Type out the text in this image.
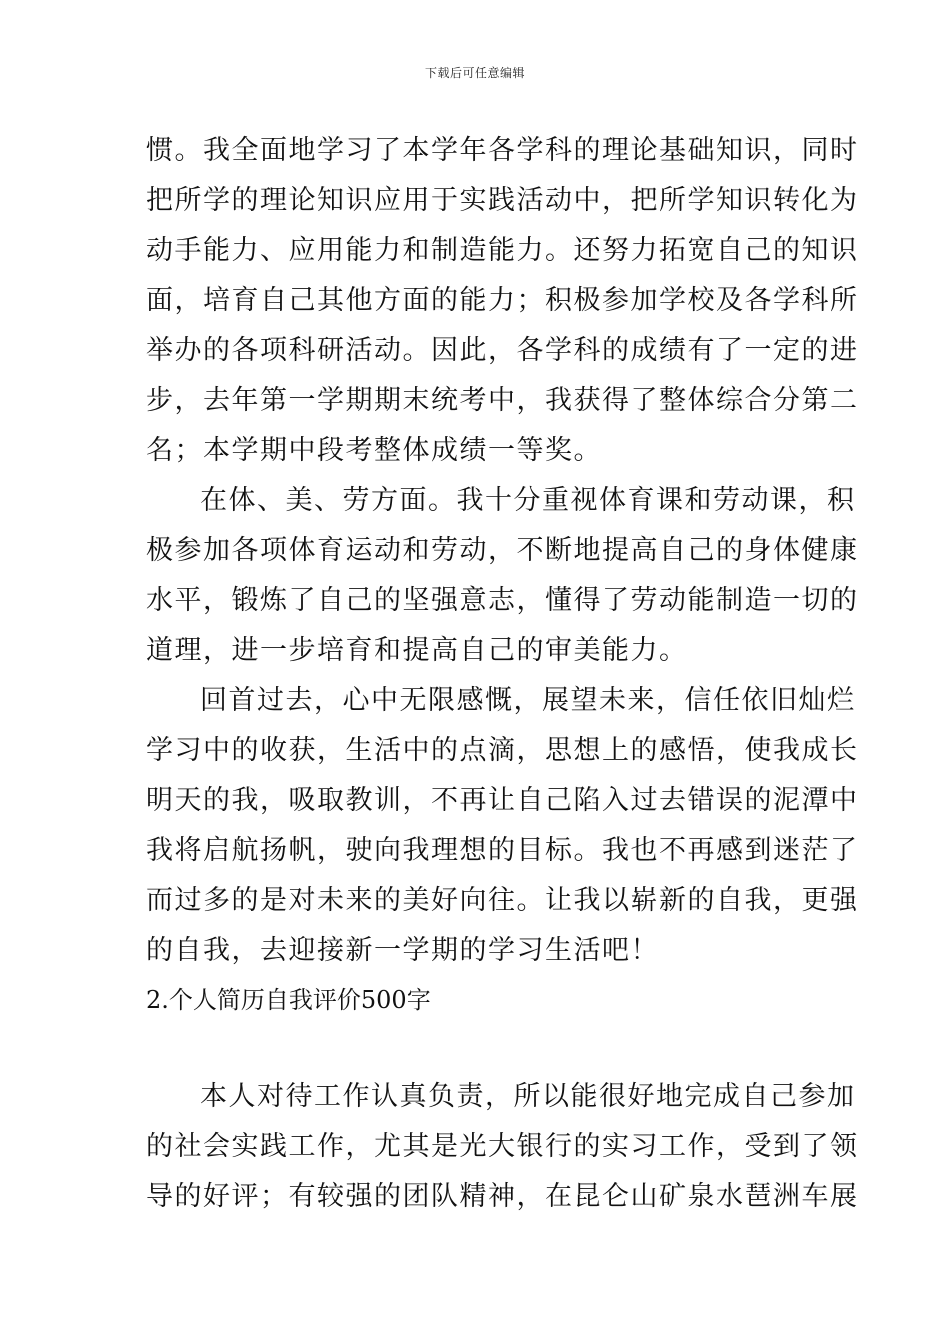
下载后可任意编辑
惯。我全面地学习了本学年各学科的理论基础知识，同时
把所学的理论知识应用于实践活动中，把所学知识转化为
动手能力、应用能力和制造能力。还努力拓宽自己的知识
面，培育自己其他方面的能力；积极参加学校及各学科所
举办的各项科研活动。因此，各学科的成绩有了一定的进
步，去年第一学期期末统考中，我获得了整体综合分第二
名；本学期中段考整体成绩一等奖。
在体、美、劳方面。我十分重视体育课和劳动课，积
极参加各项体育运动和劳动，不断地提高自己的身体健康
水平，锻炼了自己的坚强意志，懂得了劳动能制造一切的
道理，进一步培育和提高自己的审美能力。
回首过去，心中无限感慨，展望未来，信任依旧灿烂
学习中的收获，生活中的点滴，思想上的感悟，使我成长
明天的我，吸取教训，不再让自己陷入过去错误的泥潭中
我将启航扬帆，驶向我理想的目标。我也不再感到迷茫了
而过多的是对未来的美好向往。让我以崭新的自我，更强
的自我，去迎接新一学期的学习生活吧！
2.个人简历自我评价500字
本人对待工作认真负责，所以能很好地完成自己参加
的社会实践工作，尤其是光大银行的实习工作，受到了领
导的好评；有较强的团队精神，在昆仑山矿泉水琶洲车展
